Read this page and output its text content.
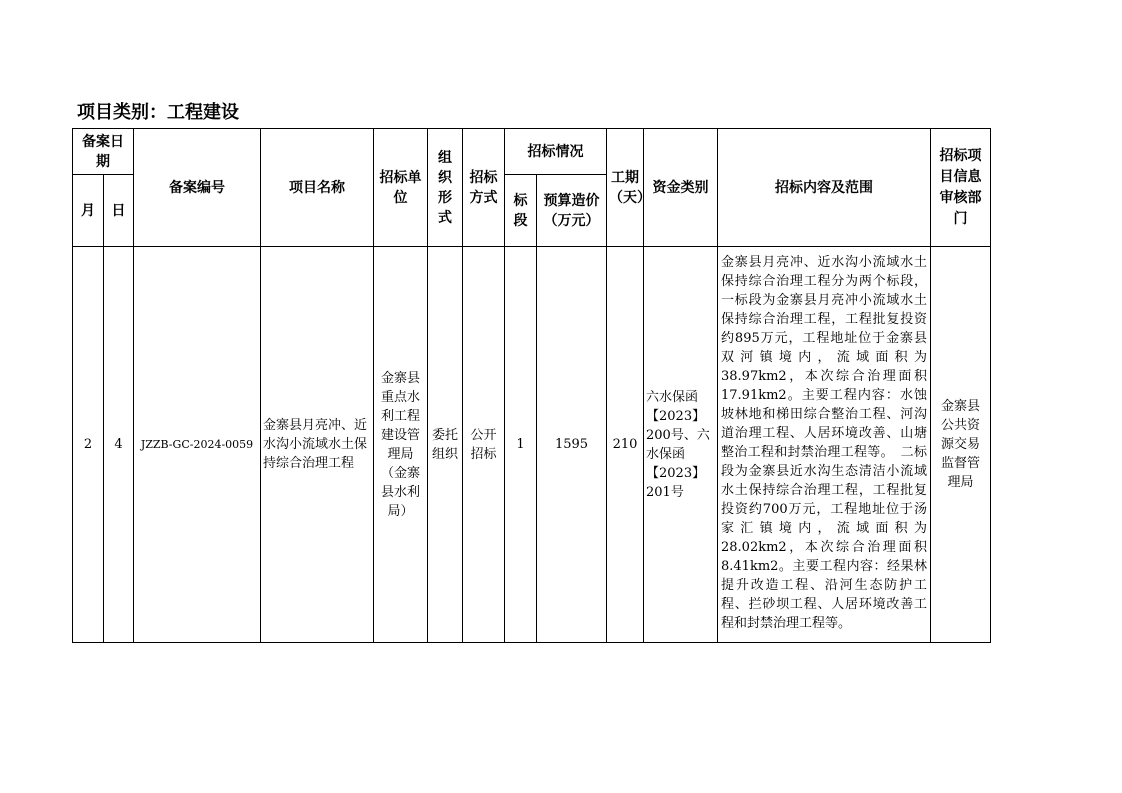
项目类别：工程建设
备案日期		备案编号	项目名称	招标单位	组织形式	招标方式	招标情况		工期（天）	资金类别	招标内容及范围	招标项目信息审核部门
月	日						标段	预算造价　（万元）				
2	4	JZZB-GC-2024-0059	金寨县月亮冲、近水沟小流域水土保持综合治理工程	金寨县重点水利工程建设管理局（金寨县水利局）	委托组织	公开招标	1	1595	210	六水保函【2023】200号、六水保函【2023】201号	金寨县月亮冲、近水沟小流域水土保持综合治理工程分为两个标段，一标段为金寨县月亮冲小流域水土保持综合治理工程，工程批复投资约895万元，工程地址位于金寨县双河镇境内，流域面积为38.97km2，本次综合治理面积17.91km2。主要工程内容：水蚀坡林地和梯田综合整治工程、河沟道治理工程、人居环境改善、山塘整治工程和封禁治理工程等。　二标段为金寨县近水沟生态清洁小流域水土保持综合治理工程，工程批复投资约700万元，工程地址位于汤家汇镇境内，流域面积为28.02km2，本次综合治理面积8.41km2。主要工程内容：经果林提升改造工程、沿河生态防护工程、拦砂坝工程、人居环境改善工程和封禁治理工程等。	金寨县公共资源交易监督管理局
